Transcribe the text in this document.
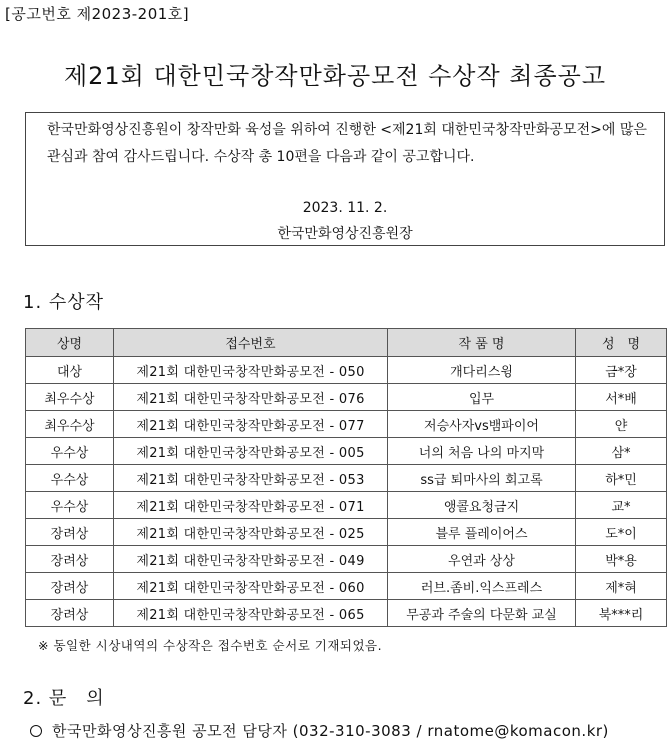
[공고번호 제2023-201호]
제21회 대한민국창작만화공모전 수상작 최종공고
한국만화영상진흥원이 창작만화 육성을 위하여 진행한 <제21회 대한민국창작만화공모전>에 많은 관심과 참여 감사드립니다. 수상작 총 10편을 다음과 같이 공고합니다.
2023. 11. 2.
한국만화영상진흥원장
1. 수상작
상명	접수번호	작 품 명	성　명
대상	제21회 대한민국창작만화공모전 - 050	개다리스윙	금*장
최우수상	제21회 대한민국창작만화공모전 - 076	입무	서*배
최우수상	제21회 대한민국창작만화공모전 - 077	저승사자vs뱀파이어	얀
우수상	제21회 대한민국창작만화공모전 - 005	너의 처음 나의 마지막	삼*
우수상	제21회 대한민국창작만화공모전 - 053	ss급 퇴마사의 회고록	하*민
우수상	제21회 대한민국창작만화공모전 - 071	앵콜요청금지	교*
장려상	제21회 대한민국창작만화공모전 - 025	블루 플레이어스	도*이
장려상	제21회 대한민국창작만화공모전 - 049	우연과 상상	박*용
장려상	제21회 대한민국창작만화공모전 - 060	러브.좀비.익스프레스	제*혀
장려상	제21회 대한민국창작만화공모전 - 065	무공과 주술의 다문화 교실	북***리
※ 동일한 시상내역의 수상작은 접수번호 순서로 기재되었음.
2. 문　의
한국만화영상진흥원 공모전 담당자 (032-310-3083 / rnatome@komacon.kr)
